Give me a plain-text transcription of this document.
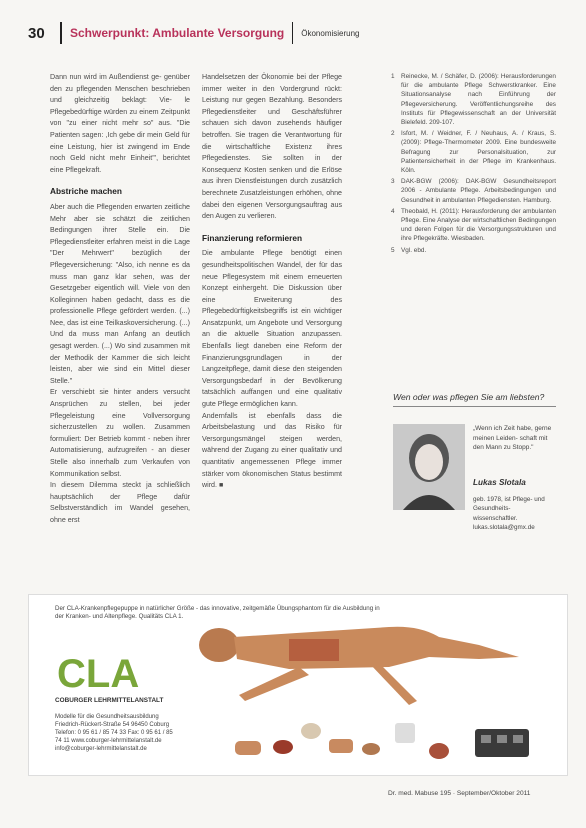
30	Schwerpunkt: Ambulante Versorgung Ökonomisierung

Dann nun wird im Außendienst ge- genüber den zu pflegenden Menschen beschrieben und gleichzeitig beklagt: Vie- le Pflegebedürftige würden zu einem Zeitpunkt von "zu einer nicht mehr so" aus. "Die Patienten sagen: ,Ich gebe dir mein Geld für eine Leistung, hier ist zwingend im Ende noch Geld nicht mehr Einheit'", berichtet eine Pflegekraft.

Abstriche machen

Aber auch die Pflegenden erwarten zeitliche Mehr aber sie schätzt die zeitlichen Bedingungen ihrer Stelle ein. Die Pflegedienstleiter erfahren meist in die Lage "Der Mehrwert" bezüglich der Pflegeversicherung: "Also, ich nenne es da muss man ganz klar sehen, was der Gesetzgeber eigentlich will. Viele von den Kolleginnen haben gedacht, dass es die professionelle Pflege gefördert werden. (...) Nee, das ist eine Teilkaskoversicherung. (...) Und da muss man Anfang an deutlich gesagt werden. (...) Wo sind zusammen mit der Methodik der Kammer die sich leicht leisten, aber wie sind ein Mittel dieser Stelle."

Er verschiebt sie hinter anders versucht Ansprüchen zu stellen, bei jeder Pflegeleistung eine Vollversorgung sicherzustellen zu wollen. Zusammen formuliert: Der Betrieb kommt - neben ihrer Automatisierung, aufzugreifen - an dieser Stelle also innerhalb zum Verkaufen von Kommunikation selbst.

In diesem Dilemma steckt ja schließlich hauptsächlich der Pflege dafür Selbstverständlich im Wandel gesehen, ohne erst

Handelsetzen der Ökonomie bei der Pflege immer weiter in den Vordergrund rückt: Leistung nur gegen Bezahlung. Besonders Pflegedienstleiter und Geschäftsführer schauen sich davon zusehends häufiger betroffen. Sie tragen die Verantwortung für die wirtschaftliche Existenz ihres Pflegedienstes. Sie sollten in der Konsequenz Kosten senken und die Erlöse aus ihren Dienstleistungen durch zusätzlich berechnete Zusatzleistungen erhöhen, ohne dabei den eigenen Versorgungsauftrag aus den Augen zu verlieren.

Finanzierung reformieren

Die ambulante Pflege benötigt einen gesundheitspolitischen Wandel, der für das neue Pflegesystem mit einem erneuerten Konzept einhergeht. Die Diskussion über eine Erweiterung des Pflegebedürftigkeitsbegriffs ist ein wichtiger Ansatzpunkt, um Angebote und Versorgung an die aktuelle Situation anzupassen. Ebenfalls liegt daneben eine Reform der Finanzierungsgrundlagen in der Langzeitpflege, damit diese den steigenden Versorgungsbedarf in der Bevölkerung tatsächlich auffangen und eine qualitativ gute Pflege ermöglichen kann.

Andernfalls ist ebenfalls dass die Arbeitsbelastung und das Risiko für Versorgungsmängel steigen werden, während der Zugang zu einer qualitativ und quantitativ angemessenen Pflege immer stärker vom ökonomischen Status bestimmt wird. ■

1	Reinecke, M. / Schäfer, D. (2006): Herausforderungen für die ambulante Pflege Schwerstkranker. Eine Situationsanalyse nach Einführung der Pflegeversicherung. Veröffentlichungsreihe des Instituts für Pflegewissenschaft an der Universität Bielefeld. 209-107.
2	Isfort, M. / Weidner, F. / Neuhaus, A. / Kraus, S. (2009): Pflege-Thermometer 2009. Eine bundesweite Befragung zur Personalsituation, zur Patientensicherheit in der Pflege im Krankenhaus. Köln.
3	DAK-BGW (2006): DAK-BGW Gesundheitsreport 2006 - Ambulante Pflege. Arbeitsbedingungen und Gesundheit in ambulanten Pflegediensten. Hamburg.
4	Theobald, H. (2011): Herausforderung der ambulanten Pflege. Eine Analyse der wirtschaftlichen Bedingungen und deren Folgen für die Versorgungsstrukturen und ihre Pflegekräfte. Wiesbaden.
5	Vgl. ebd.
Wen oder was pflegen Sie am liebsten?
„Wenn ich Zeit habe, gerne meinen Leiden- schaft mit den Mann zu Stopp."
Lukas Slotala
geb. 1978, ist Pflege- und Gesundheits- wissenschaftler. lukas.slotala@gmx.de
Der CLA-Krankenpflegepuppe in natürlicher Größe - das innovative, zeitgemäße Übungsphantom für die Ausbildung in der Kranken- und Altenpflege. Qualitäts CLA 1.
CLA
COBURGER LEHRMITTELANSTALT
Modelle für die Gesundheitsausbildung Friedrich-Rückert-Straße 54 96450 Coburg Telefon: 0 95 61 / 85 74 33 Fax: 0 95 61 / 85 74 11 www.coburger-lehrmittelanstalt.de info@coburger-lehrmittelanstalt.de
Dr. med. Mabuse 195 · September/Oktober 2011
